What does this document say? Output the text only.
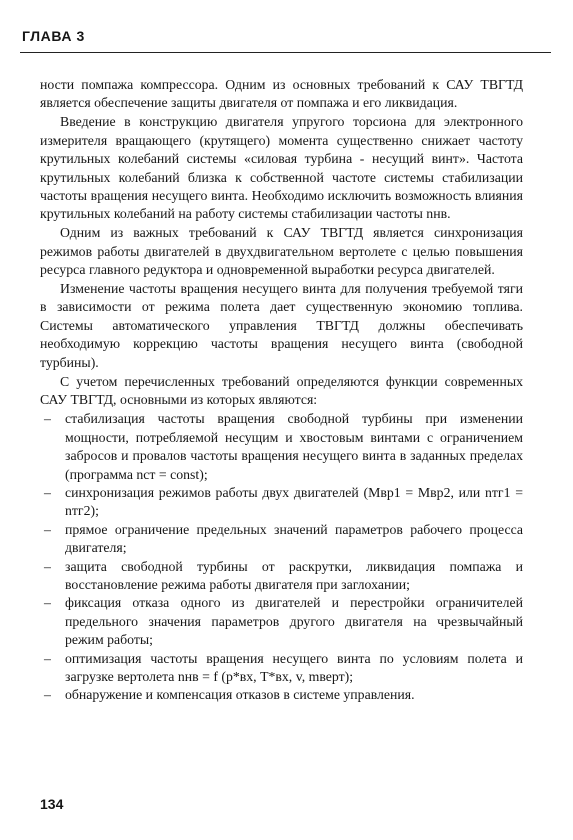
ГЛАВА 3

ности помпажа компрессора. Одним из основных требований к САУ ТВГТД является обеспечение защиты двигателя от помпажа и его ликвидация.

Введение в конструкцию двигателя упругого торсиона для электронного измерителя вращающего (крутящего) момента существенно снижает частоту крутильных колебаний системы «силовая турбина - несущий винт». Частота крутильных колебаний близка к собственной частоте системы стабилизации частоты вращения несущего винта. Необходимо исключить возможность влияния крутильных колебаний на работу системы стабилизации частоты nнв.

Одним из важных требований к САУ ТВГТД является синхронизация режимов работы двигателей в двухдвигательном вертолете с целью повышения ресурса главного редуктора и одновременной выработки ресурса двигателей.

Изменение частоты вращения несущего винта для получения требуемой тяги в зависимости от режима полета дает существенную экономию топлива. Системы автоматического управления ТВГТД должны обеспечивать необходимую коррекцию частоты вращения несущего винта (свободной турбины).

С учетом перечисленных требований определяются функции современных САУ ТВГТД, основными из которых являются:

– стабилизация частоты вращения свободной турбины при изменении мощности, потребляемой несущим и хвостовым винтами с ограничением забросов и провалов частоты вращения несущего винта в заданных пределах (программа nст = const);
– синхронизация режимов работы двух двигателей (Mвр1 = Mвр2, или nтг1 = nтг2);
– прямое ограничение предельных значений параметров рабочего процесса двигателя;
– защита свободной турбины от раскрутки, ликвидация помпажа и восстановление режима работы двигателя при заглохании;
– фиксация отказа одного из двигателей и перестройки ограничителей предельного значения параметров другого двигателя на чрезвычайный режим работы;
– оптимизация частоты вращения несущего винта по условиям полета и загрузке вертолета nнв = f (p*вх, T*вх, v, mверт);
– обнаружение и компенсация отказов в системе управления.
134
